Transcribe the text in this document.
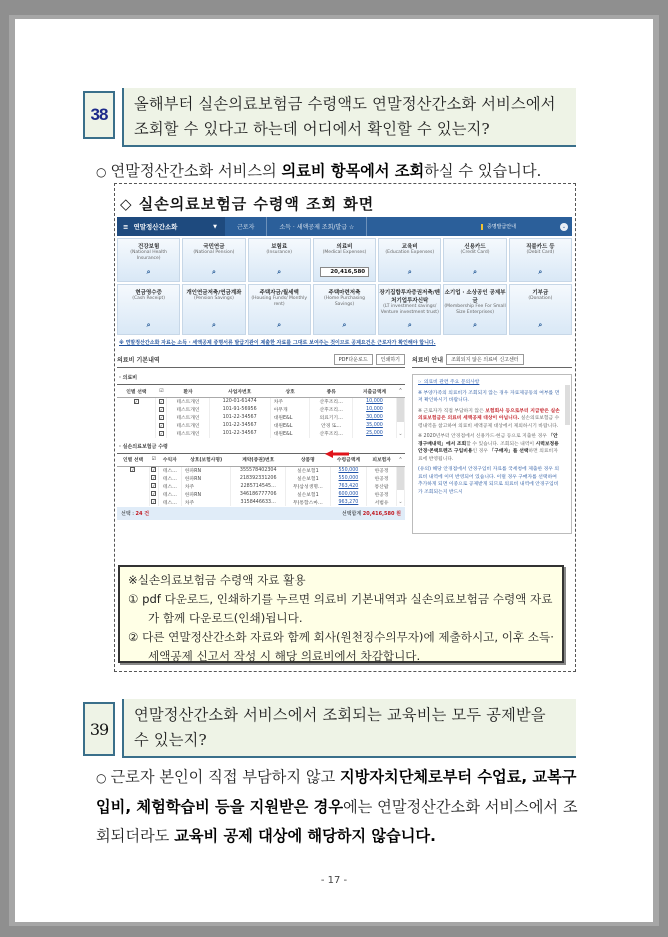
38
올해부터 실손의료보험금 수령액도 연말정산간소화 서비스에서
조회할 수 있다고 하는데 어디에서 확인할 수 있는지?
○ 연말정산간소화 서비스의 의료비 항목에서 조회하실 수 있습니다.
◇ 실손의료보험금 수령액 조회 화면
≡ 연말정산간소화	▼	근로자	소득 · 세액공제 조회/발급 ☆	증명발급안내	⌄
건강보험
(National Health Insurance)
⌕
국민연금
(National Pension)
⌕
보험료
(Insurance)
⌕
의료비
(Medical Expenses)
20,416,580
교육비
(Education Expenses)
⌕
신용카드
(Credit Card)
⌕
직불카드 등
(Debit Card)
⌕
현금영수증
(Cash Receipt)
⌕
개인연금저축/연금계좌
(Pension Savings)
⌕
주택자금/월세액
(Housing Funds/ Monthly rent)
⌕
주택마련저축
(Home Purchasing Savings)
⌕
장기집합투자증권저축/벤처기업투자신탁
(LT investment savings/ Venture investment trust)
⌕
소기업 · 소상공인 공제부금
(Membership Fee For Small Size Enterprises)
⌕
기부금
(Donation)
⌕
※ 연말정산간소화 자료는 소득 · 세액공제 증명서류 발급기관이 제출한 자료를 그대로 보여주는 것이므로 공제요건은 근로자가 확인해야 합니다.
의료비 기본내역	PDF다운로드	인쇄하기
· 의료비
인별 선택	☑	환자	사업자번호	상호	종류	지출금액계	⌃
✓	✓	테스트개인	120-01-61474	차주	산후조리…	10,000	
	✓	테스트개인	101-91-56956	아무개	산후조리…	10,000	
	✓	테스트개인	101-22-34567	대원E&L	의료기기…	30,000	
	✓	테스트개인	101-22-34567	대원E&L	안경 또…	35,000	
	✓	테스트개인	101-22-34567	대원E&L	산후조리…	25,000	⌄
· 실손의료보험금 수령
인별 선택	☑	수익자	상호(보험사명)	계약(증권)번호	상품명	수령금액계	피보험자	⌃
✓	✓	테스…	한파RN	355578402304	실손보험1	550,000	한공정	
	✓	테스…	한파RN	218392331206	실손보험1	550,000	한공정	
	✓	테스…	차주	2285714545…	무)삼성생명…	763,420	통산팝	
	✓	테스…	한파RN	346186777706	실손보험1	600,000	한공정	
	✓	테스…	차주	3158446633…	무)통합스마…	963,270	서범유	⌄
선택 : 24 건	선택합계 20,416,580 원
의료비 안내	조회되지 않은 의료비 신고센터

☞ 의료비 관련 주요 문의사항

※ 부양가족의 의료비가 조회되지 않는 경우 자료제공동의 여부를 먼저 확인하시기 바랍니다.

※ 근로자가 직접 부담하지 않은 보험회사 등으로부터 지급받은 실손의료보험금은 의료비 세액공제 대상이 아닙니다. 실손의료보험금 수령내역을 참고하여 의료비 세액공제 대상에서 제외하시기 바랍니다.

※ 2020년부터 안경점에서 신용카드·현금 등으로 지출한 경우 「안경구매내역」에서 조회할 수 있습니다. 조회되는 내역이 시력보정용 안경·콘택트렌즈 구입비용인 경우 「구매자」를 선택하면 의료비자료에 반영됩니다.

(유의) 해당 안경점에서 안경구입비 자료를 국세청에 제출한 경우 의료비 내역에 이미 반영되어 있습니다. 이럴 경우 구매자를 선택하여 추가하게 되면 이중으로 공제받게 되므로 의료비 내역에 안경구입비가 조회되는지 반드시

※실손의료보험금 수령액 자료 활용
① pdf 다운로드, 인쇄하기를 누르면 의료비 기본내역과 실손의료보험금 수령액 자료가 함께 다운로드(인쇄)됩니다.
② 다른 연말정산간소화 자료와 함께 회사(원천징수의무자)에 제출하시고, 이후 소득·세액공제 신고서 작성 시 해당 의료비에서 차감합니다.
39
연말정산간소화 서비스에서 조회되는 교육비는 모두 공제받을
수 있는지?
○ 근로자 본인이 직접 부담하지 않고 지방자치단체로부터 수업료, 교복구입비, 체험학습비 등을 지원받은 경우에는 연말정산간소화 서비스에서 조회되더라도 교육비 공제 대상에 해당하지 않습니다.
- 17 -
